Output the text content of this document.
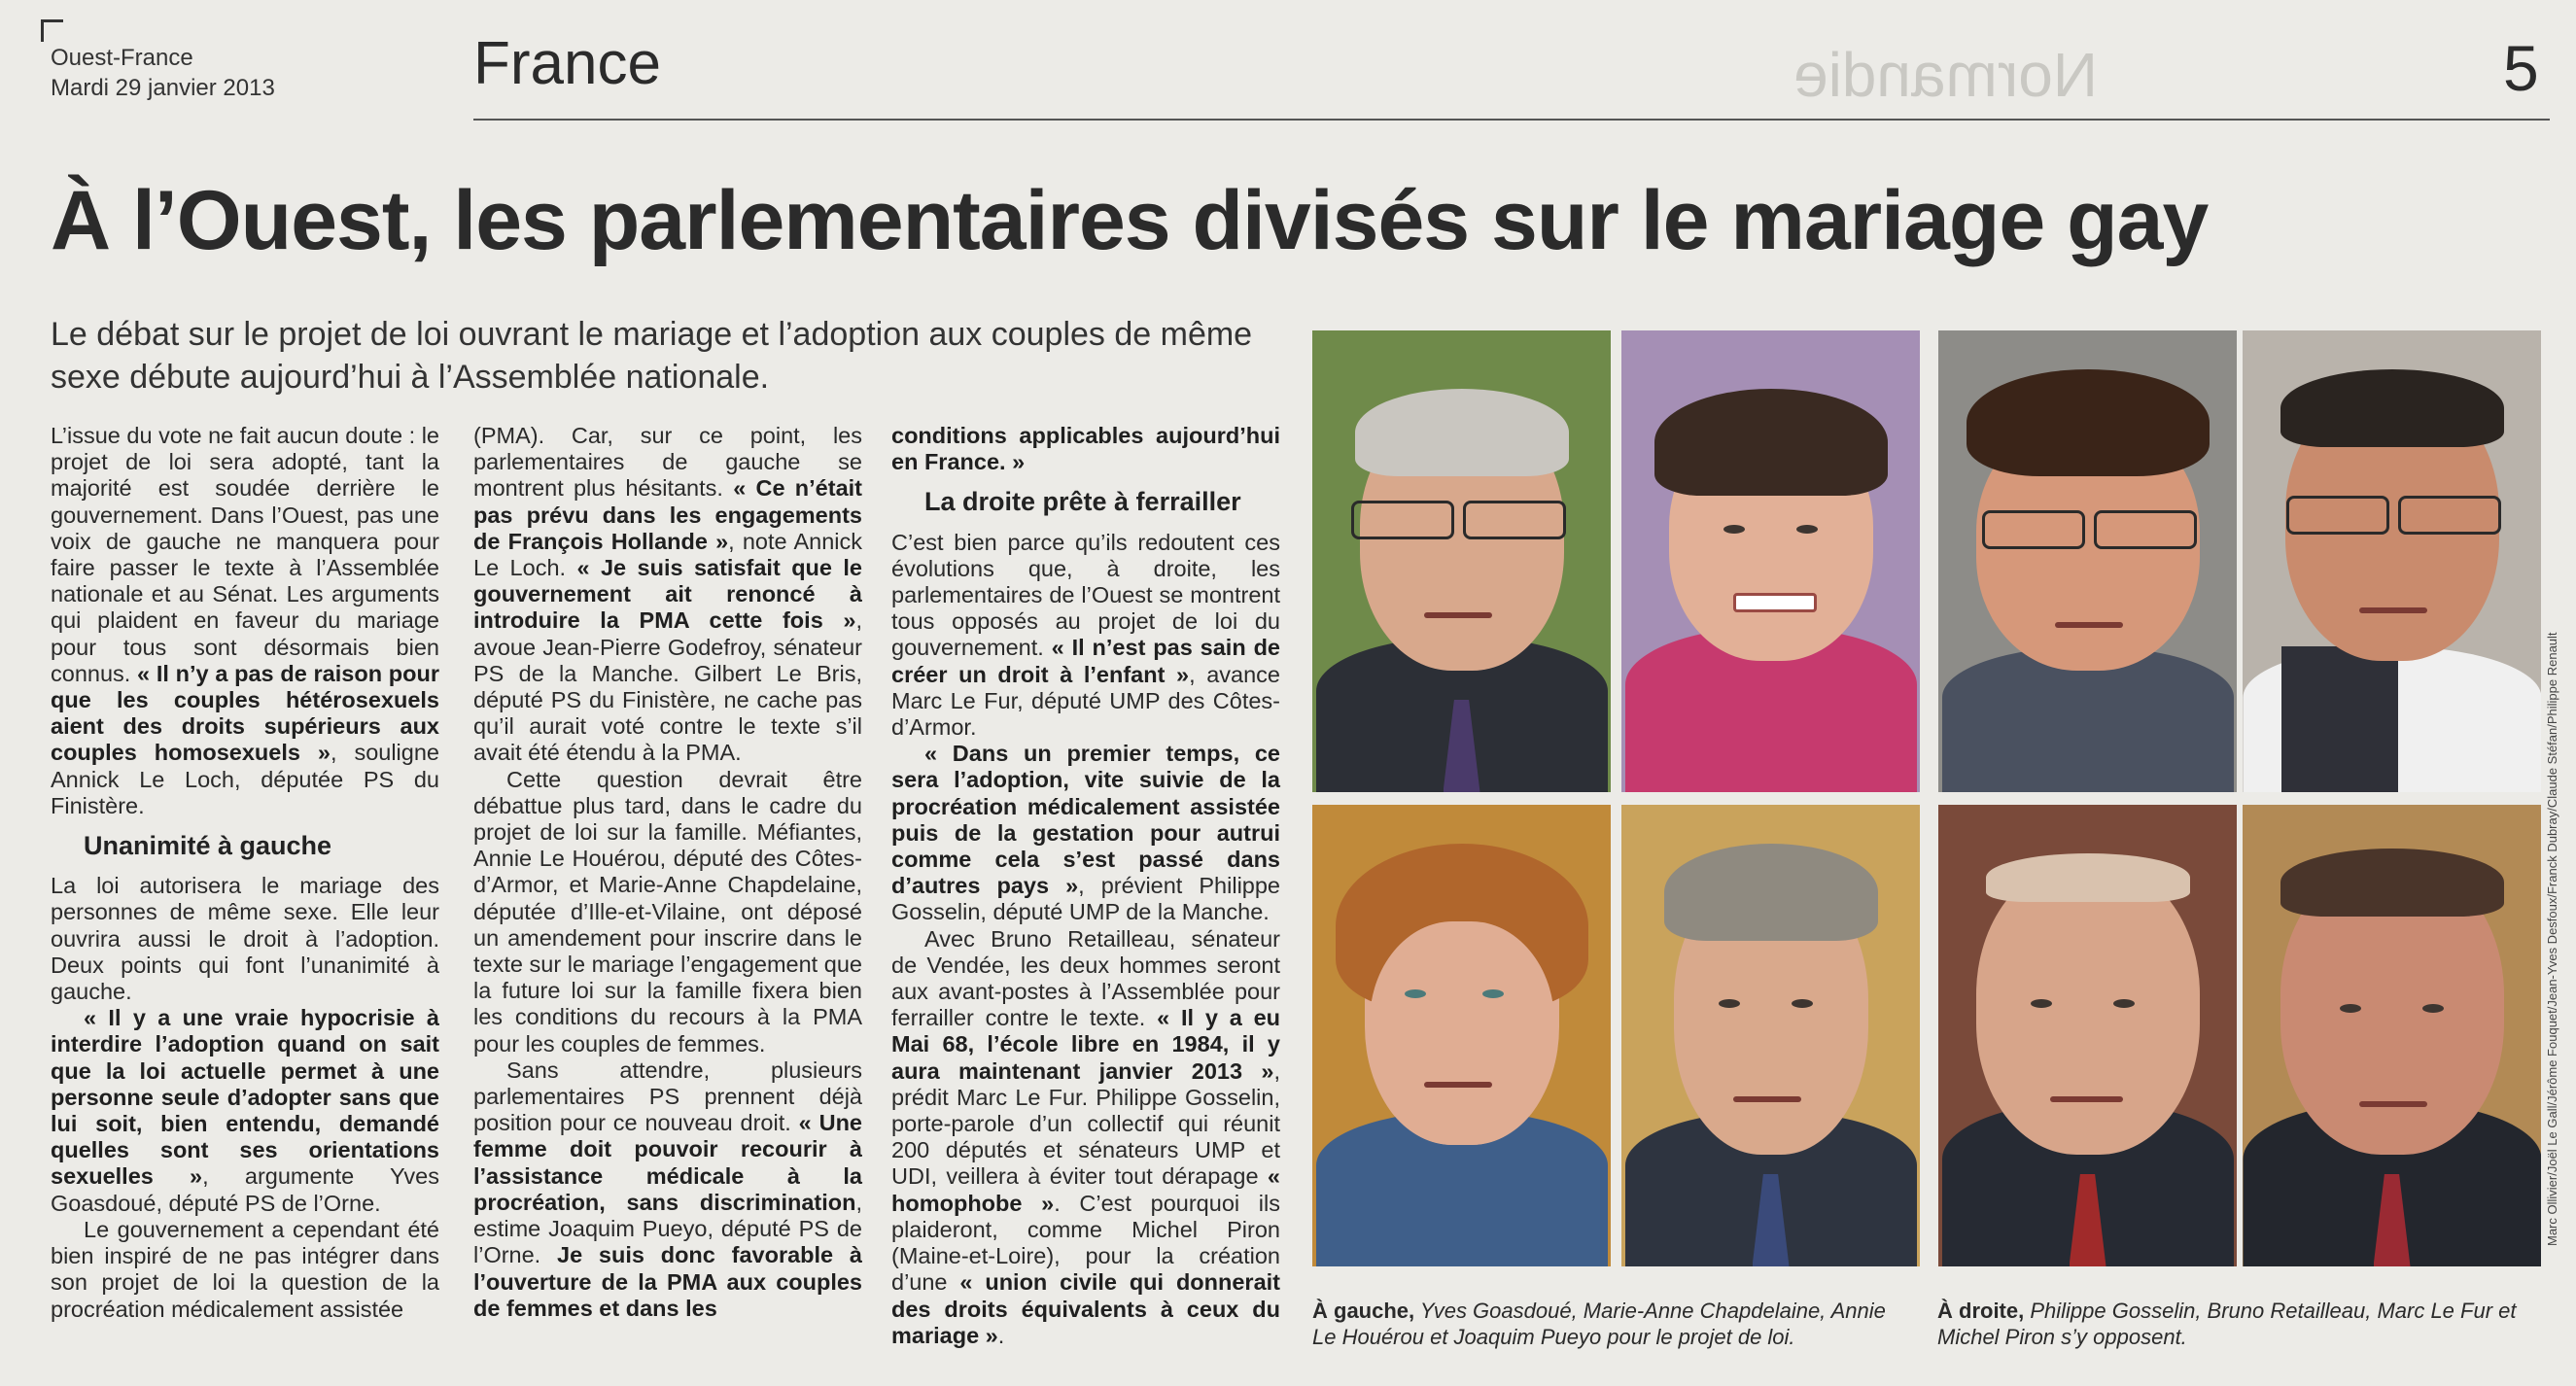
Ouest-France
Mardi 29 janvier 2013	France	Normandie	5
À l’Ouest, les parlementaires divisés sur le mariage gay
Le débat sur le projet de loi ouvrant le mariage et l’adoption aux couples de même sexe débute aujourd’hui à l’Assemblée nationale.

L’issue du vote ne fait aucun doute : le projet de loi sera adopté, tant la majorité est soudée derrière le gouvernement. Dans l’Ouest, pas une voix de gauche ne manquera pour faire passer le texte à l’Assemblée nationale et au Sénat. Les arguments qui plaident en faveur du mariage pour tous sont désormais bien connus. « Il n’y a pas de raison pour que les couples hétérosexuels aient des droits supérieurs aux couples homosexuels », souligne Annick Le Loch, députée PS du Finistère.

Unanimité à gauche

La loi autorisera le mariage des personnes de même sexe. Elle leur ouvrira aussi le droit à l’adoption. Deux points qui font l’unanimité à gauche.

« Il y a une vraie hypocrisie à interdire l’adoption quand on sait que la loi actuelle permet à une personne seule d’adopter sans que lui soit, bien entendu, demandé quelles sont ses orientations sexuelles », argumente Yves Goasdoué, député PS de l’Orne.

Le gouvernement a cependant été bien inspiré de ne pas intégrer dans son projet de loi la question de la procréation médicalement assistée

(PMA). Car, sur ce point, les parlementaires de gauche se montrent plus hésitants. « Ce n’était pas prévu dans les engagements de François Hollande », note Annick Le Loch. « Je suis satisfait que le gouvernement ait renoncé à introduire la PMA cette fois », avoue Jean-Pierre Godefroy, sénateur PS de la Manche. Gilbert Le Bris, député PS du Finistère, ne cache pas qu’il aurait voté contre le texte s’il avait été étendu à la PMA.

Cette question devrait être débattue plus tard, dans le cadre du projet de loi sur la famille. Méfiantes, Annie Le Houérou, député des Côtes-d’Armor, et Marie-Anne Chapdelaine, députée d’Ille-et-Vilaine, ont déposé un amendement pour inscrire dans le texte sur le mariage l’engagement que la future loi sur la famille fixera bien les conditions du recours à la PMA pour les couples de femmes.

Sans attendre, plusieurs parlementaires PS prennent déjà position pour ce nouveau droit. « Une femme doit pouvoir recourir à l’assistance médicale à la procréation, sans discrimination, estime Joaquim Pueyo, député PS de l’Orne. Je suis donc favorable à l’ouverture de la PMA aux couples de femmes et dans les

conditions applicables aujourd’hui en France. »

La droite prête à ferrailler

C’est bien parce qu’ils redoutent ces évolutions que, à droite, les parlementaires de l’Ouest se montrent tous opposés au projet de loi du gouvernement. « Il n’est pas sain de créer un droit à l’enfant », avance Marc Le Fur, député UMP des Côtes-d’Armor.

« Dans un premier temps, ce sera l’adoption, vite suivie de la procréation médicalement assistée puis de la gestation pour autrui comme cela s’est passé dans d’autres pays », prévient Philippe Gosselin, député UMP de la Manche.

Avec Bruno Retailleau, sénateur de Vendée, les deux hommes seront aux avant-postes à l’Assemblée pour ferrailler contre le texte. « Il y a eu Mai 68, l’école libre en 1984, il y aura maintenant janvier 2013 », prédit Marc Le Fur. Philippe Gosselin, porte-parole d’un collectif qui réunit 200 députés et sénateurs UMP et UDI, veillera à éviter tout dérapage « homophobe ». C’est pourquoi ils plaideront, comme Michel Piron (Maine-et-Loire), pour la création d’une « union civile qui donnerait des droits équivalents à ceux du mariage ».

Marc Ollivier/Joël Le Gall/Jérôme Fouquet/Jean-Yves Desfoux/Franck Dubray/Claude Stéfan/Philippe Renault
À gauche, Yves Goasdoué, Marie-Anne Chapdelaine, Annie Le Houérou et Joaquim Pueyo pour le projet de loi.
À droite, Philippe Gosselin, Bruno Retailleau, Marc Le Fur et Michel Piron s’y opposent.
